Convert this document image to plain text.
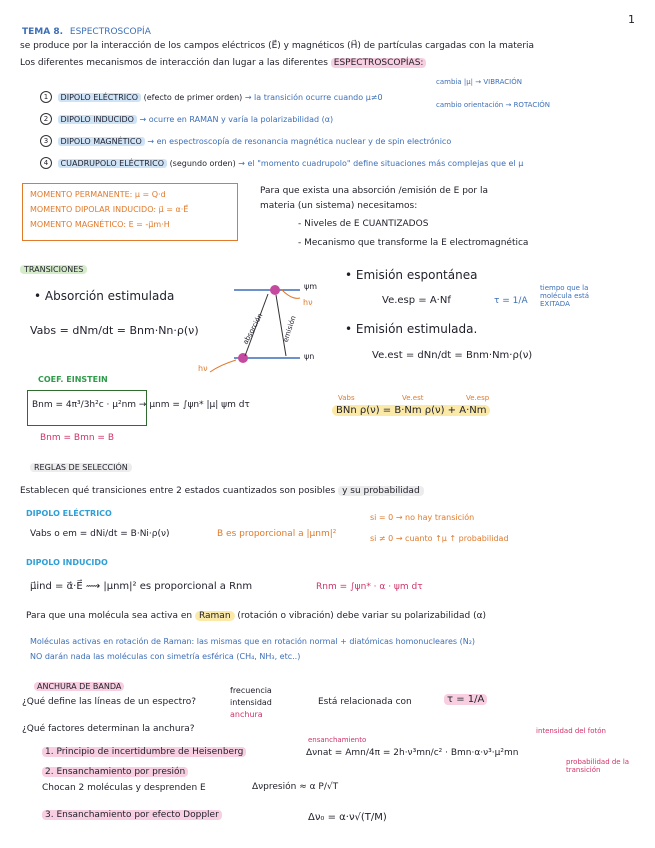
1
TEMA 8. ESPECTROSCOPÍA
se produce por la interacción de los campos eléctricos (E⃗) y magnéticos (H⃗) de partículas cargadas con la materia
Los diferentes mecanismos de interacción dan lugar a las diferentes ESPECTROSCOPÍAS:
1 DIPOLO ELÉCTRICO (efecto de primer orden) → la transición ocurre cuando μ≠0
cambia |μ| → VIBRACIÓN
cambio orientación → ROTACIÓN
2 DIPOLO INDUCIDO → ocurre en RAMAN y varía la polarizabilidad (α)
3 DIPOLO MAGNÉTICO → en espectroscopía de resonancia magnética nuclear y de spin electrónico
4 CUADRUPOLO ELÉCTRICO (segundo orden) → el "momento cuadrupolo" define situaciones más complejas que el μ
MOMENTO PERMANENTE: μ = Q·d
MOMENTO DIPOLAR INDUCIDO: μ⃗ = α·E⃗
MOMENTO MAGNÉTICO: E = -μ⃗m·H
Para que exista una absorción /emisión de E por la
materia (un sistema) necesitamos:
- Niveles de E CUANTIZADOS
- Mecanismo que transforme la E electromagnética
TRANSICIONES
• Absorción estimulada
Vabs = dNm/dt = Bnm·Nn·ρ(ν)
COEF. EINSTEIN
Bnm = 4π³/3h²c · μ²nm → μnm = ∫ψn* |μ| ψm dτ
Bnm = Bmn = B
ψm
ψn
hν
hν
absorción emisión
• Emisión espontánea
Ve.esp = A·Nf	τ = 1/A
tiempo que la molécula está EXITADA
• Emisión estimulada.
Ve.est = dNn/dt = Bnm·Nm·ρ(ν)
Vabs	Ve.est	Ve.esp
BNn ρ(ν) = B·Nm ρ(ν) + A·Nm
REGLAS DE SELECCIÓN
Establecen qué transiciones entre 2 estados cuantizados son posibles y su probabilidad
DIPOLO ELÉCTRICO
Vabs o em = dNi/dt = B·Ni·ρ(ν)	B es proporcional a |μnm|²
si = 0 → no hay transición
si ≠ 0 → cuanto ↑μ ↑ probabilidad
DIPOLO INDUCIDO
μ⃗ind = α⃗·E⃗ ⟿ |μnm|² es proporcional a Rnm	Rnm = ∫ψn* · α · ψm dτ
Para que una molécula sea activa en Raman (rotación o vibración) debe variar su polarizabilidad (α)
Moléculas activas en rotación de Raman: las mismas que en rotación normal + diatómicas homonucleares (N₂)
NO darán nada las moléculas con simetría esférica (CH₄, NH₃, etc..)
ANCHURA DE BANDA
¿Qué define las líneas de un espectro?
frecuencia
intensidad
anchura
Está relacionada con	τ = 1/A
¿Qué factores determinan la anchura?
1. Principio de incertidumbre de Heisenberg
ensanchamiento
Δνnat = Amn/4π = 2h·ν³mn/c² · Bmn·α·ν³·μ²mn
intensidad del fotón
probabilidad de la transición
2. Ensanchamiento por presión
Chocan 2 moléculas y desprenden E	Δνpresión ≈ α P/√T
3. Ensanchamiento por efecto Doppler	Δν₀ = α·ν√(T/M)
